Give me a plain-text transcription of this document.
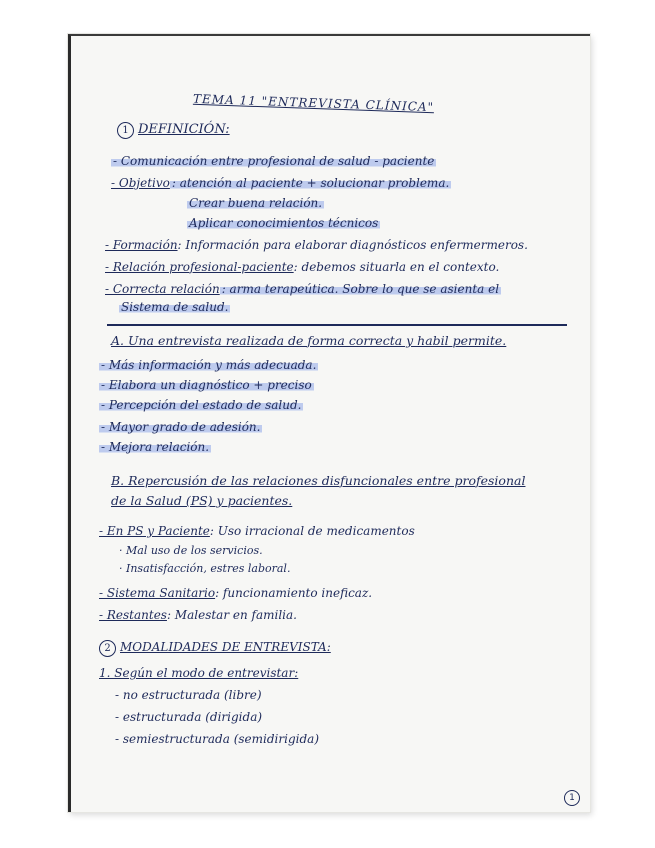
TEMA 11 "ENTREVISTA CLÍNICA"
1 DEFINICIÓN:
- Comunicación entre profesional de salud - paciente
- Objetivo : atención al paciente + solucionar problema.
Crear buena relación.
Aplicar conocimientos técnicos
- Formación: Información para elaborar diagnósticos enfermermeros.
- Relación profesional-paciente: debemos situarla en el contexto.
- Correcta relación : arma terapeútica. Sobre lo que se asienta el
Sistema de salud.
A. Una entrevista realizada de forma correcta y habil permite.
- Más información y más adecuada.
- Elabora un diagnóstico + preciso
- Percepción del estado de salud.
- Mayor grado de adesión.
- Mejora relación.
B. Repercusión de las relaciones disfuncionales entre profesional
de la Salud (PS) y pacientes.
- En PS y Paciente: Uso irracional de medicamentos
· Mal uso de los servicios.
· Insatisfacción, estres laboral.
- Sistema Sanitario: funcionamiento ineficaz.
- Restantes: Malestar en familia.
2 MODALIDADES DE ENTREVISTA:
1. Según el modo de entrevistar:
- no estructurada (libre)
- estructurada (dirigida)
- semiestructurada (semidirigida)
1
